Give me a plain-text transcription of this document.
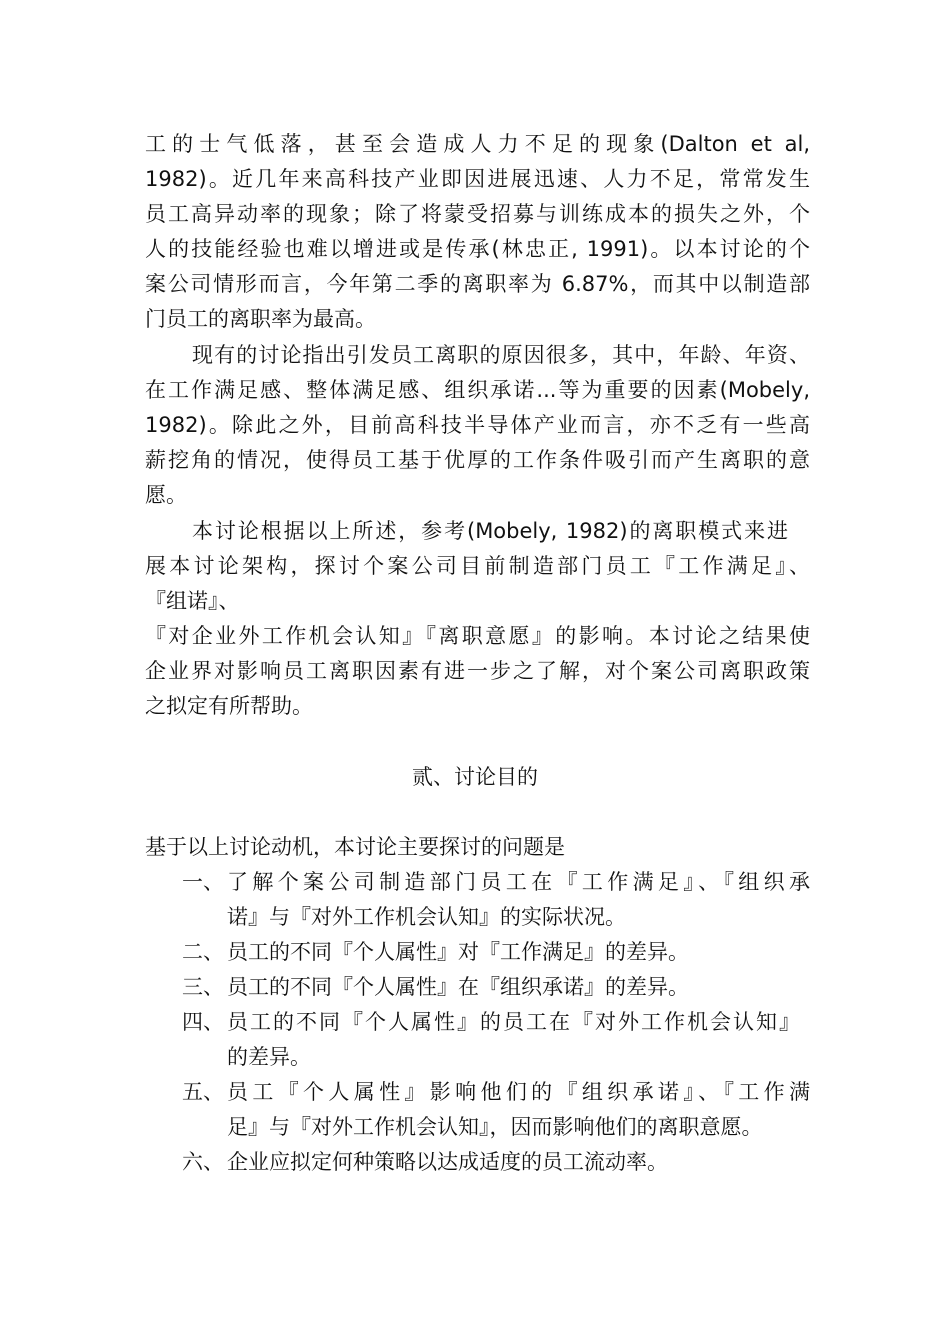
工的士气低落，甚至会造成人力不足的现象(Dalton et al,
1982)。近几年来高科技产业即因进展迅速、人力不足，常常发生
员工高异动率的现象；除了将蒙受招募与训练成本的损失之外，个
人的技能经验也难以增进或是传承(林忠正, 1991)。以本讨论的个
案公司情形而言，今年第二季的离职率为 6.87%，而其中以制造部
门员工的离职率为最高。
现有的讨论指出引发员工离职的原因很多，其中，年龄、年资、
在工作满足感、整体满足感、组织承诺...等为重要的因素(Mobely,
1982)。除此之外，目前高科技半导体产业而言，亦不乏有一些高
薪挖角的情况，使得员工基于优厚的工作条件吸引而产生离职的意
愿。
本讨论根据以上所述，参考(Mobely, 1982)的离职模式来进
展本讨论架构，探讨个案公司目前制造部门员工『工作满足』、
『组诺』、
『对企业外工作机会认知』『离职意愿』的影响。本讨论之结果使
企业界对影响员工离职因素有进一步之了解，对个案公司离职政策
之拟定有所帮助。
贰、讨论目的
基于以上讨论动机，本讨论主要探讨的问题是
一、 了解个案公司制造部门员工在『工作满足』、『组织承
诺』与『对外工作机会认知』的实际状况。
二、 员工的不同『个人属性』对『工作满足』的差异。
三、 员工的不同『个人属性』在『组织承诺』的差异。
四、 员工的不同『个人属性』的员工在『对外工作机会认知』
的差异。
五、 员工『个人属性』影响他们的『组织承诺』、『工作满
足』与『对外工作机会认知』，因而影响他们的离职意愿。
六、 企业应拟定何种策略以达成适度的员工流动率。
